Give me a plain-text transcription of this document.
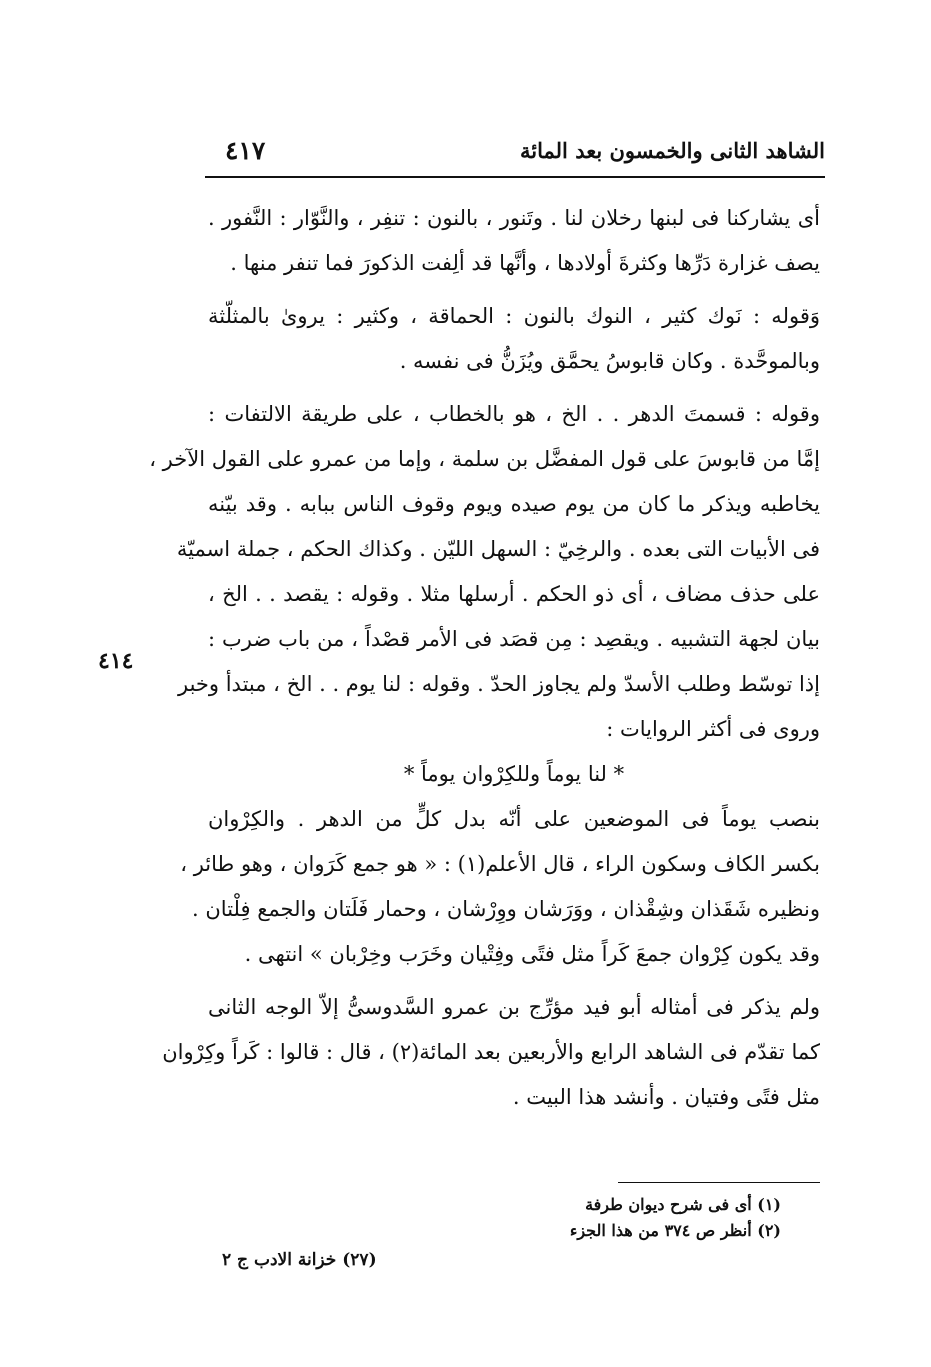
الشاهد الثانى والخمسون بعد المائة
٤١٧
٤١٤
أى يشاركنا فى لبنها رخلان لنا . وتَنور ، بالنون : تنفِر ، والنَّوّار : النَّفور .
يصف غزارة دَرِّها وكثرةَ أولادها ، وأنَّها قد ألِفت الذكورَ فما تنفر منها .
وَقوله : نَوك كثير ، النوك بالنون : الحماقة ، وكثير : يروىٰ بالمثلّثة
وبالموحَّدة . وكان قابوسُ يحمَّق ويُزَنُّ فى نفسه .
وقوله : قسمتَ الدهر . . الخ ، هو بالخطاب ، على طريقة الالتفات :
إمَّا من قابوسَ على قول المفضَّل بن سلمة ، وإما من عمرو على القول الآخر ،
يخاطبه ويذكر ما كان من يوم صيده ويوم وقوف الناس ببابه . وقد بيّنه
فى الأبيات التى بعده . والرخِيّ : السهل الليّن . وكذاك الحكم ، جملة اسميّة
على حذف مضاف ، أى ذو الحكم . أرسلها مثلا . وقوله : يقصد . . الخ ،
بيان لجهة التشبيه . ويقصِد : مِن قصَد فى الأمر قصْداً ، من باب ضرب :
إذا توسّط وطلب الأسدّ ولم يجاوز الحدّ . وقوله : لنا يوم . . الخ ، مبتدأ وخبر
وروى فى أكثر الروايات :
* لنا يوماً وللكِرْوان يوماً *
بنصب يوماً فى الموضعين على أنّه بدل كلٍّ من الدهر . والكِرْوان
بكسر الكاف وسكون الراء ، قال الأعلم(١) : « هو جمع كَرَوان ، وهو طائر ،
ونظيره شَقَذان وشِقْذان ، ووَرَشان ووِرْشان ، وحمار فَلَتان والجمع فِلْتان .
وقد يكون كِرْوان جمعَ كَراً مثل فتًى وفِتْيان وخَرَب وخِرْبان » انتهى .
ولم يذكر فى أمثاله أبو فيد مؤرِّج بن عمرو السَّدوسىُّ إلاّ الوجه الثانى
كما تقدّم فى الشاهد الرابع والأربعين بعد المائة(٢) ، قال : قالوا : كَراً وكِرْوان
مثل فتًى وفتيان . وأنشد هذا البيت .
(١) أى فى شرح ديوان طرفة
(٢) أنظر ص ٣٧٤ من هذا الجزء
(٢٧) خزانة الادب ج ٢
